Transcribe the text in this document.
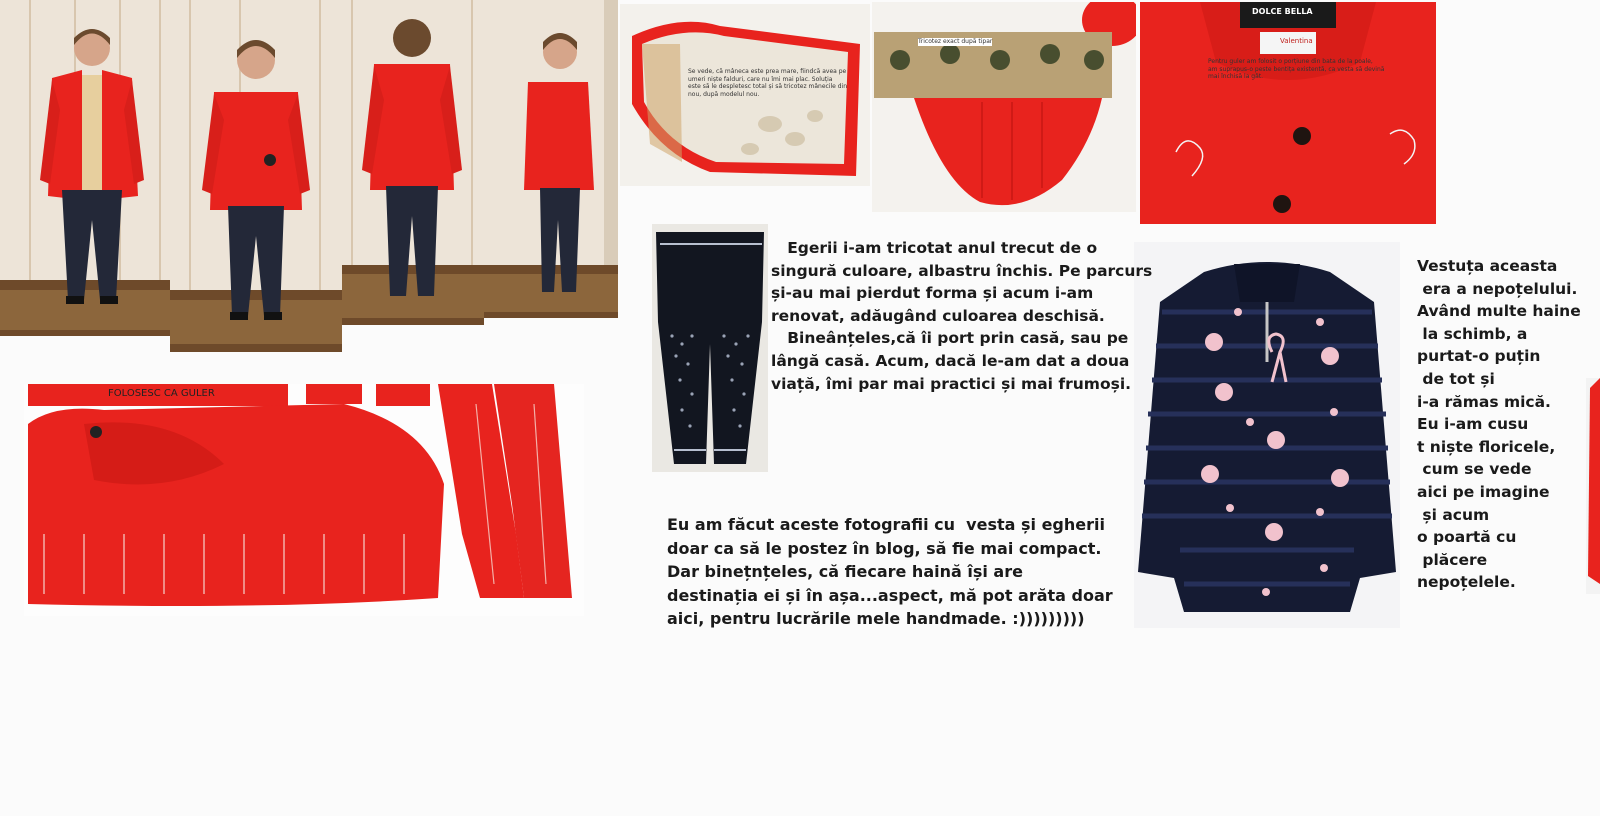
Se vede, că mâneca este prea mare, fiindcă avea pe
umeri niște falduri, care nu îmi mai plac. Soluția
este să le despletesc total și să tricotez mânecile din
nou, după modelul nou.

Tricotez exact după tipar

DOLCE BELLA

Valentina

Pentru guler am folosit o porțiune din bata de la poale,
am suprapus-o peste bentița existentă, ca vesta să devină
mai închisă la gât.

FOLOSESC CA GULER

Egerii i-am tricotat anul trecut de o
singură culoare, albastru închis. Pe parcurs
și-au mai pierdut forma și acum i-am
renovat, adăugând culoarea deschisă.
Bineânțeles,că îi port prin casă, sau pe
lângă casă. Acum, dacă le-am dat a doua
viață, îmi par mai practici și mai frumoși.

Eu am făcut aceste fotografii cu  vesta și egherii
doar ca să le postez în blog, să fie mai compact.
Dar binețnțeles, că fiecare haină își are
destinația ei și în așa...aspect, mă pot arăta doar
aici, pentru lucrările mele handmade. :)))))))))

Vestuța aceasta
era a nepoțelului.
Având multe haine
la schimb, a
purtat-o puțin
de tot și
i-a rămas mică.
Eu i-am cusu
t niște floricele,
cum se vede
aici pe imagine
și acum
o poartă cu
plăcere
nepoțelele.
